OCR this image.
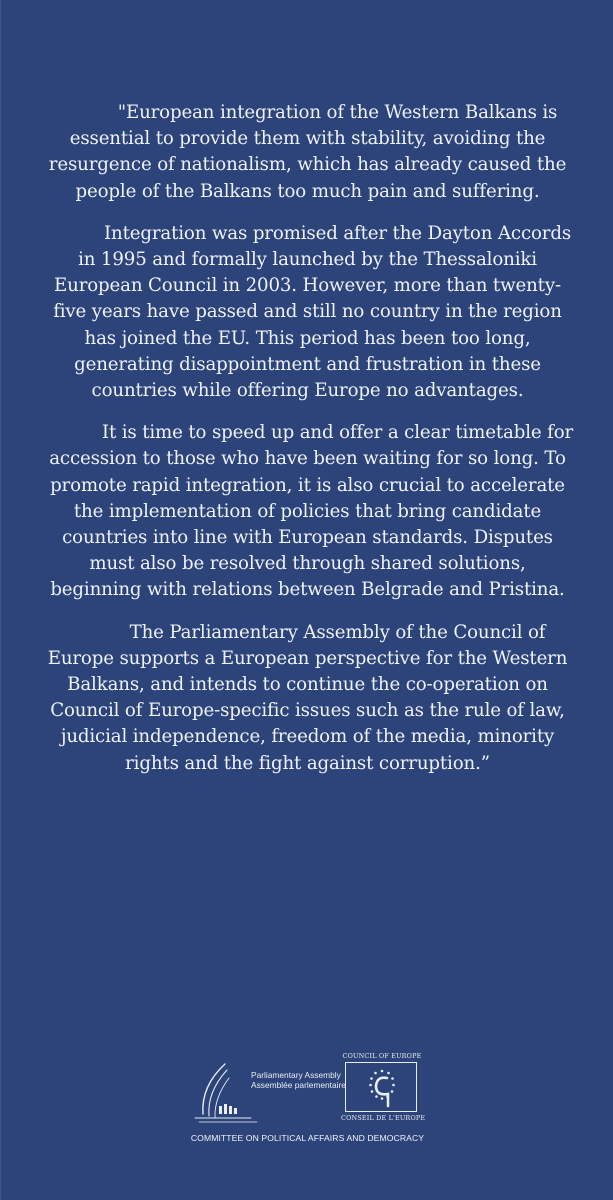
"European integration of the Western Balkans is essential to provide them with stability, avoiding the resurgence of nationalism, which has already caused the people of the Balkans too much pain and suffering.

Integration was promised after the Dayton Accords in 1995 and formally launched by the Thessaloniki European Council in 2003. However, more than twenty-five years have passed and still no country in the region has joined the EU. This period has been too long, generating disappointment and frustration in these countries while offering Europe no advantages.

It is time to speed up and offer a clear timetable for accession to those who have been waiting for so long. To promote rapid integration, it is also crucial to accelerate the implementation of policies that bring candidate countries into line with European standards. Disputes must also be resolved through shared solutions, beginning with relations between Belgrade and Pristina.

The Parliamentary Assembly of the Council of Europe supports a European perspective for the Western Balkans, and intends to continue the co-operation on Council of Europe-specific issues such as the rule of law, judicial independence, freedom of the media, minority rights and the fight against corruption.”

Parliamentary Assembly
Assemblée parlementaire
COUNCIL OF EUROPE
CONSEIL DE L'EUROPE
COMMITTEE ON POLITICAL AFFAIRS AND DEMOCRACY
